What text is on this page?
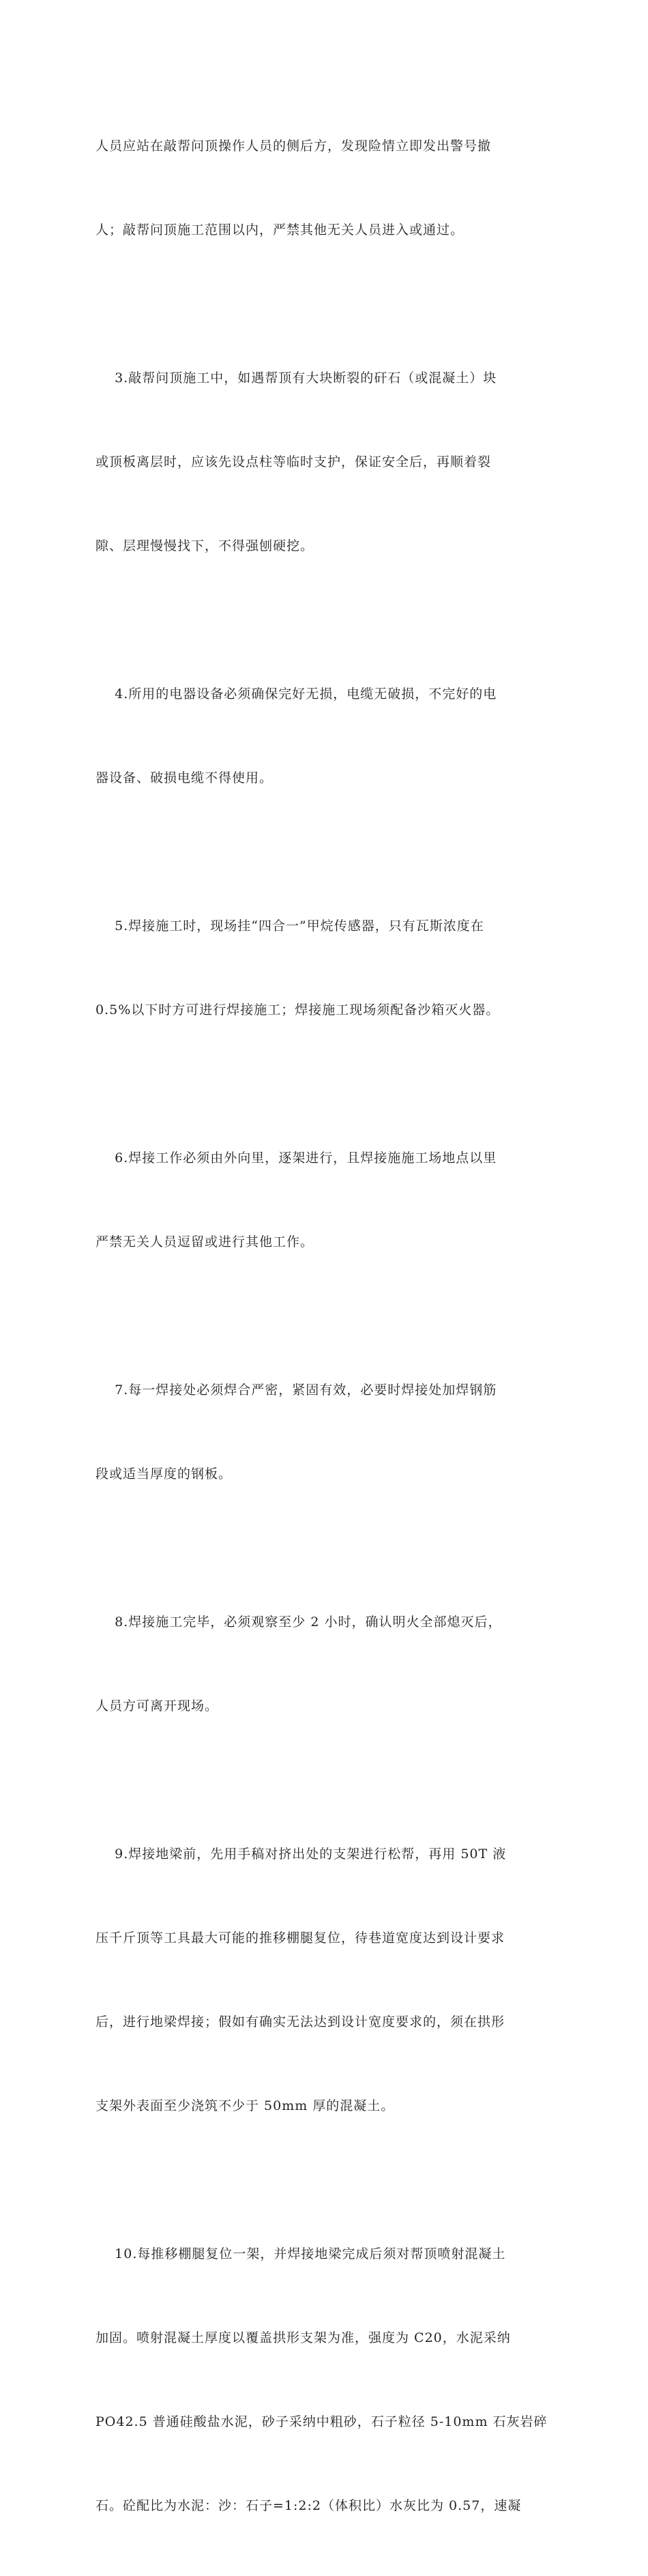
人员应站在敲帮问顶操作人员的侧后方，发现险情立即发出警号撤

人；敲帮问顶施工范围以内，严禁其他无关人员进入或通过。

3.敲帮问顶施工中，如遇帮顶有大块断裂的矸石（或混凝土）块

或顶板离层时，应该先设点柱等临时支护，保证安全后，再顺着裂

隙、层理慢慢找下，不得强刨硬挖。

4.所用的电器设备必须确保完好无损，电缆无破损，不完好的电

器设备、破损电缆不得使用。

5.焊接施工时，现场挂“四合一”甲烷传感器，只有瓦斯浓度在

0.5%以下时方可进行焊接施工；焊接施工现场须配备沙箱灭火器。

6.焊接工作必须由外向里，逐架进行，且焊接施施工场地点以里

严禁无关人员逗留或进行其他工作。

7.每一焊接处必须焊合严密，紧固有效，必要时焊接处加焊钢筋

段或适当厚度的钢板。

8.焊接施工完毕，必须观察至少 2 小时，确认明火全部熄灭后，

人员方可离开现场。

9.焊接地梁前，先用手稿对挤出处的支架进行松帮，再用 50T 液

压千斤顶等工具最大可能的推移棚腿复位，待巷道宽度达到设计要求

后，进行地梁焊接；假如有确实无法达到设计宽度要求的，须在拱形

支架外表面至少浇筑不少于 50mm 厚的混凝土。

10.每推移棚腿复位一架，并焊接地梁完成后须对帮顶喷射混凝土

加固。喷射混凝土厚度以覆盖拱形支架为准，强度为 C20，水泥采纳

PO42.5 普通硅酸盐水泥，砂子采纳中粗砂，石子粒径 5-10mm 石灰岩碎

石。砼配比为水泥：沙：石子=1:2:2（体积比）水灰比为 0.57，速凝
